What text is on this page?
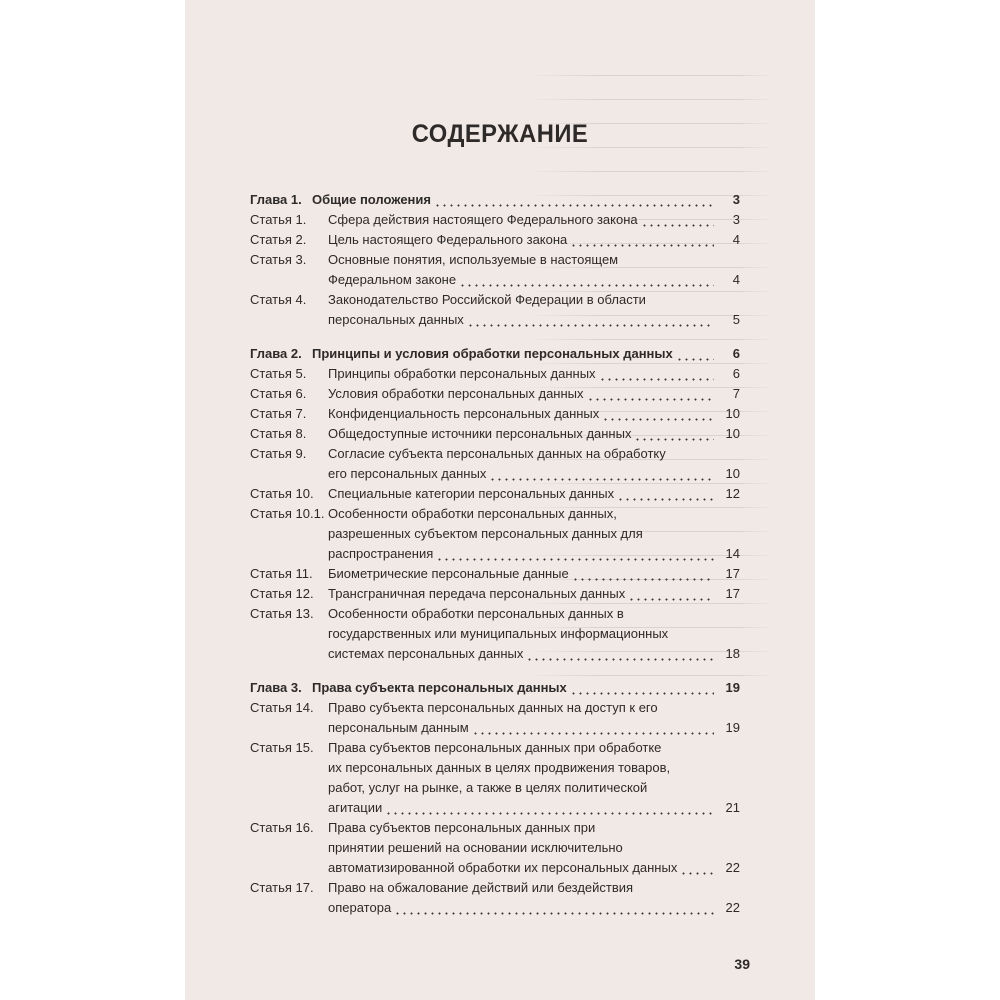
СОДЕРЖАНИЕ
Глава 1. Общие положения	3
Статья 1.	Сфера действия настоящего Федерального закона	3
Статья 2.	Цель настоящего Федерального закона	4
Статья 3.	Основные понятия, используемые в настоящем
Федеральном законе	4
Статья 4.	Законодательство Российской Федерации в области
персональных данных	5
Глава 2. Принципы и условия обработки персональных данных	6
Статья 5.	Принципы обработки персональных данных	6
Статья 6.	Условия обработки персональных данных	7
Статья 7.	Конфиденциальность персональных данных	10
Статья 8.	Общедоступные источники персональных данных	10
Статья 9.	Согласие субъекта персональных данных на обработку
его персональных данных	10
Статья 10.	Специальные категории персональных данных	12
Статья 10.1. Особенности обработки персональных данных,
разрешенных субъектом персональных данных для
распространения	14
Статья 11.	Биометрические персональные данные	17
Статья 12.	Трансграничная передача персональных данных	17
Статья 13.	Особенности обработки персональных данных в
государственных или муниципальных информационных
системах персональных данных	18
Глава 3. Права субъекта персональных данных	19
Статья 14.	Право субъекта персональных данных на доступ к его
персональным данным	19
Статья 15.	Права субъектов персональных данных при обработке
их персональных данных в целях продвижения товаров,
работ, услуг на рынке, а также в целях политической
агитации	21
Статья 16.	Права субъектов персональных данных при
принятии решений на основании исключительно
автоматизированной обработки их персональных данных	22
Статья 17.	Право на обжалование действий или бездействия
оператора	22
39
